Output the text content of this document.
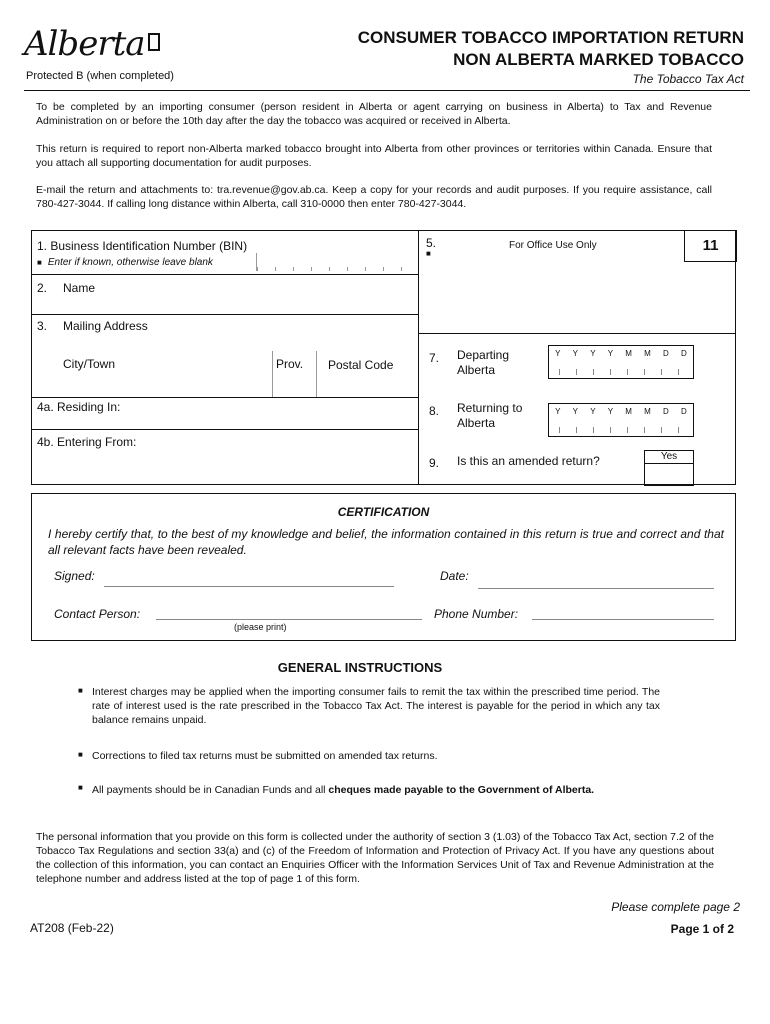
Alberta
Protected B (when completed)
CONSUMER TOBACCO IMPORTATION RETURN
NON ALBERTA MARKED TOBACCO
The Tobacco Tax Act
To be completed by an importing consumer (person resident in Alberta or agent carrying on business in Alberta) to Tax and Revenue Administration on or before the 10th day after the day the tobacco was acquired or received in Alberta.
This return is required to report non-Alberta marked tobacco brought into Alberta from other provinces or territories within Canada. Ensure that you attach all supporting documentation for audit purposes.
E-mail the return and attachments to: tra.revenue@gov.ab.ca. Keep a copy for your records and audit purposes. If you require assistance, call 780-427-3044. If calling long distance within Alberta, call 310-0000 then enter 780-427-3044.
1. Business Identification Number (BIN)
■ Enter if known, otherwise leave blank
2. Name
3. Mailing Address
City/Town	Prov. Postal Code
4a. Residing In:
4b. Entering From:
5.
■
For Office Use Only	11
7. Departing
Alberta
Y Y Y Y M M D D
8. Returning to
Alberta
Y Y Y Y M M D D
9. Is this an amended return?	Yes
CERTIFICATION
I hereby certify that, to the best of my knowledge and belief, the information contained in this return is true and correct and that all relevant facts have been revealed.
Signed:	Date:
Contact Person:
(please print)
Phone Number:
GENERAL INSTRUCTIONS
■ Interest charges may be applied when the importing consumer fails to remit the tax within the prescribed time period. The rate of interest used is the rate prescribed in the Tobacco Tax Act. The interest is payable for the period in which any tax balance remains unpaid.
■ Corrections to filed tax returns must be submitted on amended tax returns.
■ All payments should be in Canadian Funds and all cheques made payable to the Government of Alberta.
The personal information that you provide on this form is collected under the authority of section 3 (1.03) of the Tobacco Tax Act, section 7.2 of the Tobacco Tax Regulations and section 33(a) and (c) of the Freedom of Information and Protection of Privacy Act. If you have any questions about the collection of this information, you can contact an Enquiries Officer with the Information Services Unit of Tax and Revenue Administration at the telephone number and address listed at the top of page 1 of this form.
Please complete page 2
AT208 (Feb-22)	Page 1 of 2
